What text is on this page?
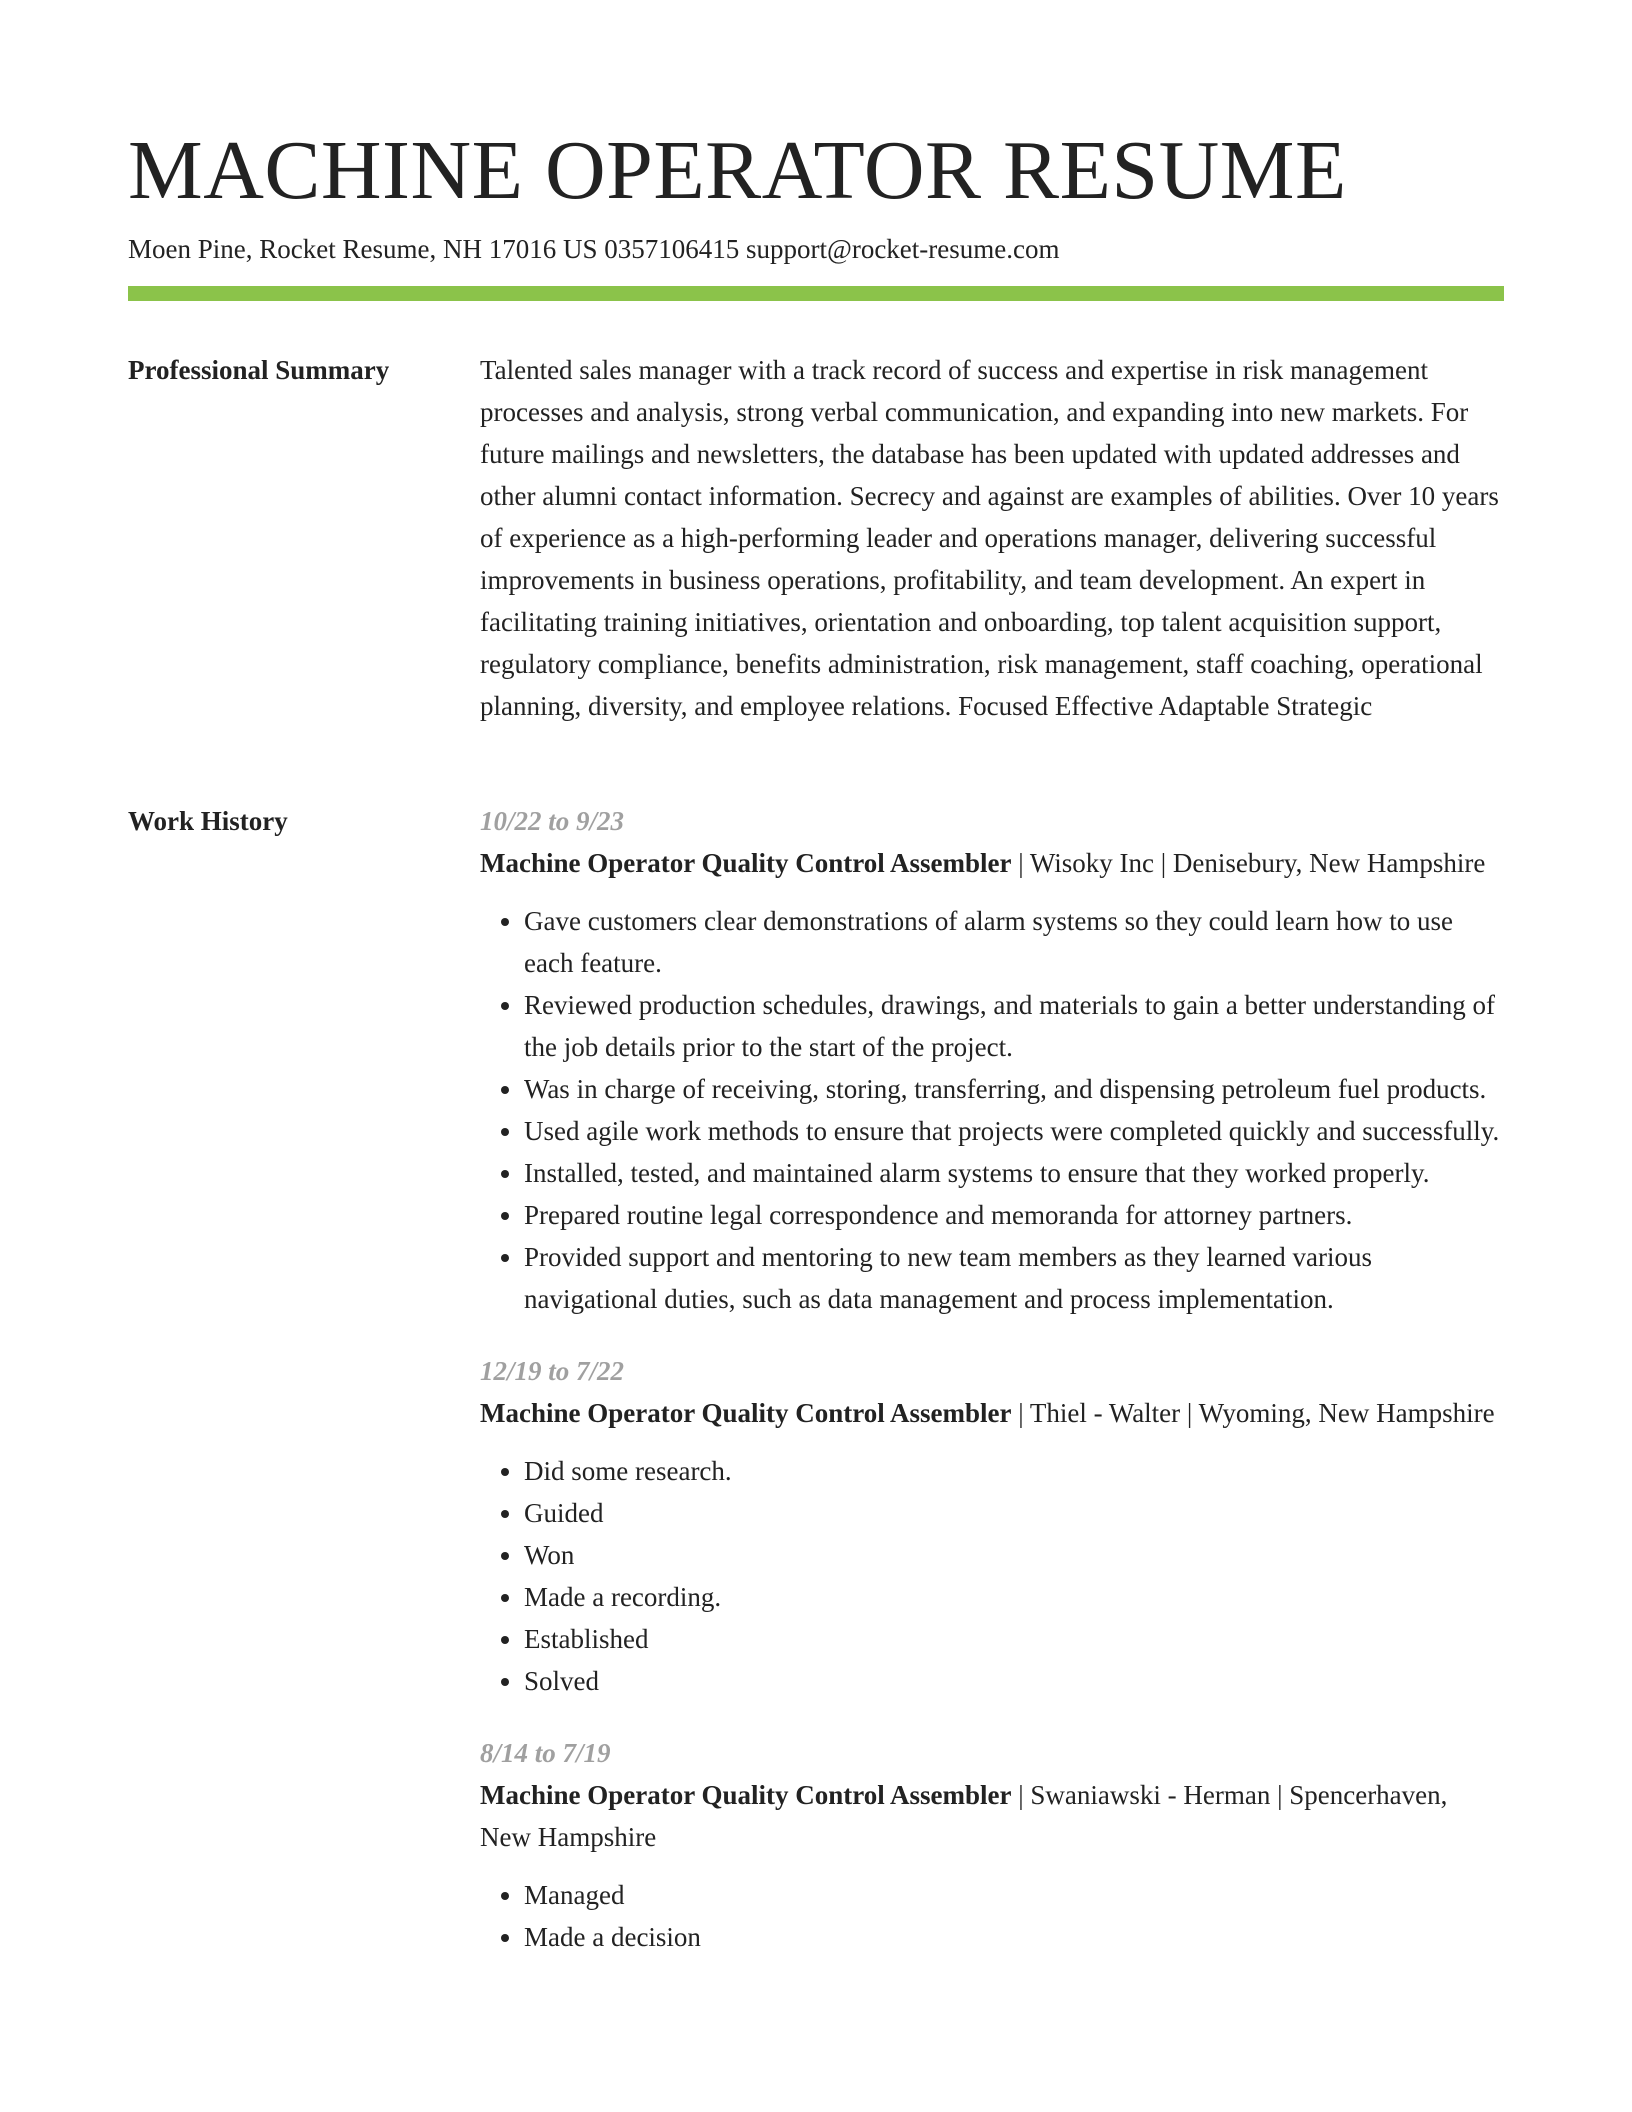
MACHINE OPERATOR RESUME
Moen Pine, Rocket Resume, NH 17016 US 0357106415 support@rocket-resume.com
Professional Summary	Talented sales manager with a track record of success and expertise in risk management processes and analysis, strong verbal communication, and expanding into new markets. For future mailings and newsletters, the database has been updated with updated addresses and other alumni contact information. Secrecy and against are examples of abilities. Over 10 years of experience as a high-performing leader and operations manager, delivering successful improvements in business operations, profitability, and team development. An expert in facilitating training initiatives, orientation and onboarding, top talent acquisition support, regulatory compliance, benefits administration, risk management, staff coaching, operational planning, diversity, and employee relations. Focused Effective Adaptable Strategic

Work History	10/22 to 9/23
Machine Operator Quality Control Assembler | Wisoky Inc | Denisebury, New Hampshire
• Gave customers clear demonstrations of alarm systems so they could learn how to use each feature.
• Reviewed production schedules, drawings, and materials to gain a better understanding of the job details prior to the start of the project.
• Was in charge of receiving, storing, transferring, and dispensing petroleum fuel products.
• Used agile work methods to ensure that projects were completed quickly and successfully.
• Installed, tested, and maintained alarm systems to ensure that they worked properly.
• Prepared routine legal correspondence and memoranda for attorney partners.
• Provided support and mentoring to new team members as they learned various navigational duties, such as data management and process implementation.
12/19 to 7/22
Machine Operator Quality Control Assembler | Thiel - Walter | Wyoming, New Hampshire
• Did some research.
• Guided
• Won
• Made a recording.
• Established
• Solved
8/14 to 7/19
Machine Operator Quality Control Assembler | Swaniawski - Herman | Spencerhaven, New Hampshire
• Managed
• Made a decision
